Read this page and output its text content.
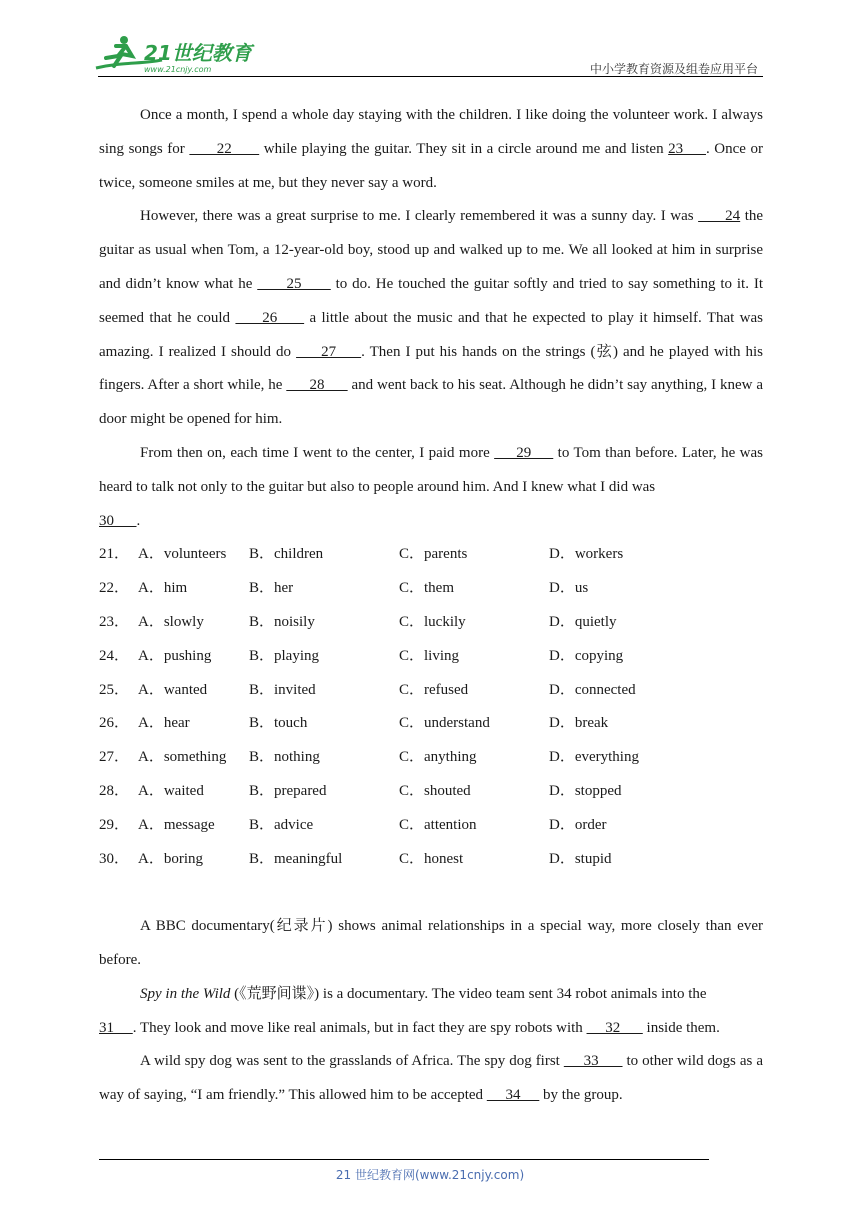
21世纪教育
www.21cnjy.com	中小学教育资源及组卷应用平台

Once a month, I spend a whole day staying with the children. I like doing the volunteer work. I always sing songs for       22       while playing the guitar. They sit in a circle around me and listen 23     . Once or twice, someone smiles at me, but they never say a word.

However, there was a great surprise to me. I clearly remembered it was a sunny day. I was       24 the guitar as usual when Tom, a 12-year-old boy, stood up and walked up to me. We all looked at him in surprise and didn’t know what he       25       to do. He touched the guitar softly and tried to say something to it. It seemed that he could      26      a little about the music and that he expected to play it himself. That was amazing. I realized I should do      27     . Then I put his hands on the strings (弦) and he played with his fingers. After a short while, he       28       and went back to his seat. Although he didn’t say anything, I knew a door might be opened for him.

From then on, each time I went to the center, I paid more      29      to Tom than before. Later, he was heard to talk not only to the guitar but also to people around him. And I knew what I did was

30      .

21． A．volunteers B．children	C．parents	D．workers
22． A．him	B．her	C．them	D．us
23． A．slowly	B．noisily	C．luckily	D．quietly
24． A．pushing	B．playing	C．living	D．copying
25． A．wanted	B．invited	C．refused	D．connected
26． A．hear	B．touch	C．understand	D．break
27． A．something B．nothing	C．anything	D．everything
28． A．waited	B．prepared	C．shouted	D．stopped
29． A．message B．advice	C．attention	D．order
30． A．boring	B．meaningful	C．honest	D．stupid

A BBC documentary(纪录片) shows animal relationships in a special way, more closely than ever before.

Spy in the Wild (《荒野间谍》) is a documentary. The video team sent 34 robot animals into the

31     . They look and move like real animals, but in fact they are spy robots with      32       inside them.

A wild spy dog was sent to the grasslands of Africa. The spy dog first      33       to other wild dogs as a way of saying, “I am friendly.” This allowed him to be accepted      34      by the group.

21 世纪教育网(www.21cnjy.com)
